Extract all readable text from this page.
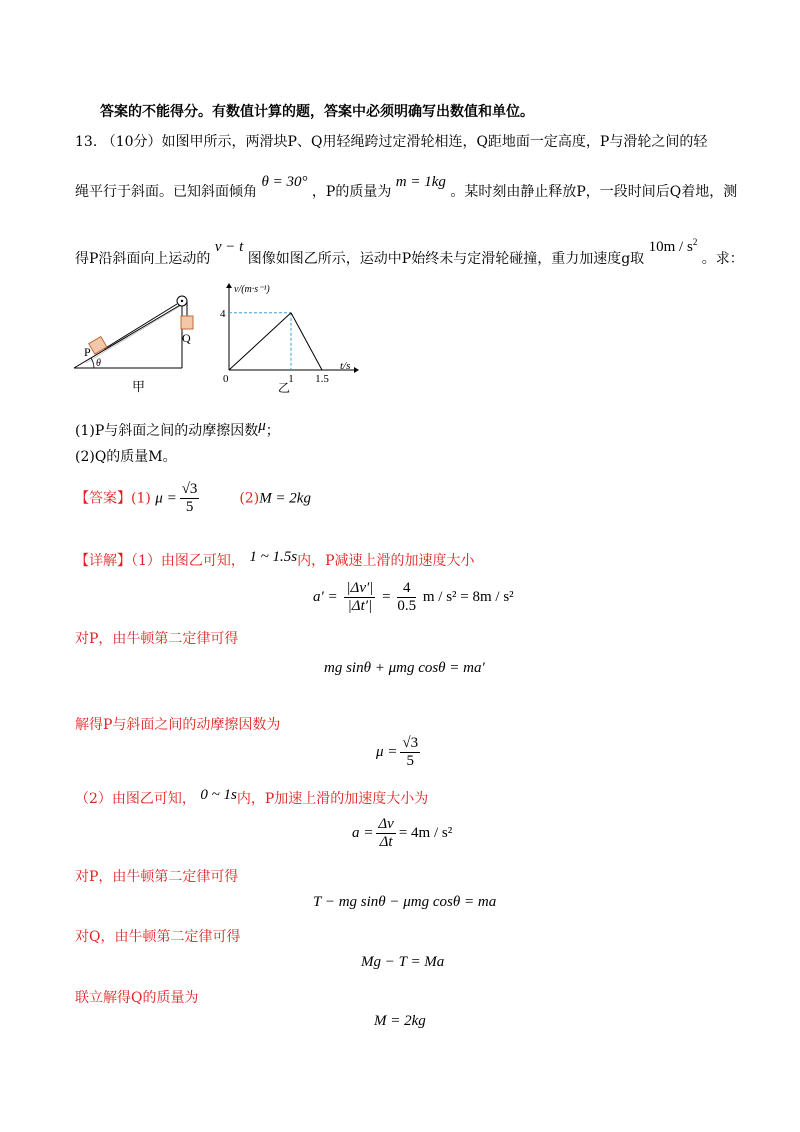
答案的不能得分。有数值计算的题，答案中必须明确写出数值和单位。
13. （10分）如图甲所示，两滑块P、Q用轻绳跨过定滑轮相连，Q距地面一定高度，P与滑轮之间的轻
绳平行于斜面。已知斜面倾角 θ = 30° ，P的质量为 m = 1kg 。某时刻由静止释放P，一段时间后Q着地，测
得P沿斜面向上运动的 v − t 图像如图乙所示，运动中P始终未与定滑轮碰撞，重力加速度g取 $10m / s^2$ 。求：
P
Q
θ
甲
4
0	1 1.5
v/(m·s⁻¹)
t/s
乙
(1)P与斜面之间的动摩擦因数μ；
(2)Q的质量M。
【答案】(1) $\mu = \frac{√3}{5}$	(2)M = 2kg
【详解】（1）由图乙可知， 1 ~ 1.5s内，P减速上滑的加速度大小
$a' = \frac{|\Delta v'|}{|\Delta t'|} = \frac{4}{0.5}$ m / s² = 8m / s²
对P，由牛顿第二定律可得
mg sinθ + μmg cosθ = ma′
解得P与斜面之间的动摩擦因数为
$\mu = \frac{√3}{5}$
（2）由图乙可知， 0 ~ 1s内，P加速上滑的加速度大小为
$a = \frac{\Delta v}{\Delta t} = 4m / s^2$
对P，由牛顿第二定律可得
T − mg sinθ − μmg cosθ = ma
对Q，由牛顿第二定律可得
Mg − T = Ma
联立解得Q的质量为
M = 2kg
